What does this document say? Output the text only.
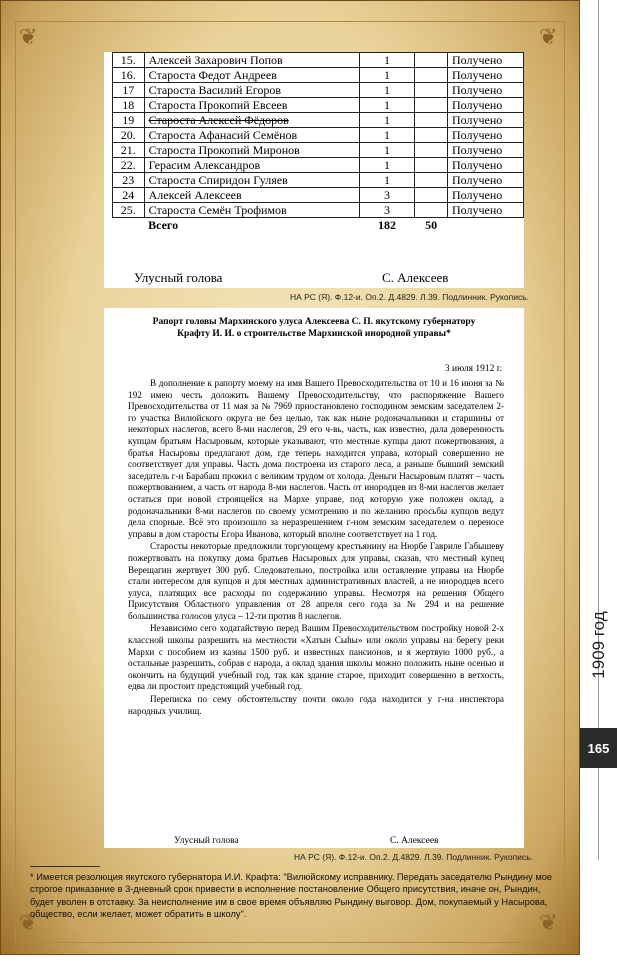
❦	❦
❦	❦
1909 год
165
15.	Алексей Захарович Попов	1		Получено
16.	Староста Федот Андреев	1		Получено
17	Староста Василий Егоров	1		Получено
18	Староста Прокопий Евсеев	1		Получено
19	Староста Алексей Фёдоров	1		Получено
20.	Староста Афанасий Семёнов	1		Получено
21.	Староста Прокопий Миронов	1		Получено
22.	Герасим Александров	1		Получено
23	Староста Спиридон Гуляев	1		Получено
24	Алексей Алексеев	3		Получено
25.	Староста Семён Трофимов	3		Получено
	Всего	182	50	
Улусный голова	С. Алексеев
НА РС (Я). Ф.12-и. Оп.2. Д.4829. Л.39. Подлинник. Рукопись.
Рапорт головы Мархинского улуса Алексеева С. П. якутскому губернатору Крафту И. И. о строительстве Мархинской инородной управы*
3 июля 1912 г.

В дополнение к рапорту моему на имя Вашего Превосходительства от 10 и 16 июня за № 192 имею честь доложить Вашему Превосходительству, что распоряжение Вашего Превосходительства от 11 мая за № 7969 приостановлено господином земским заседателем 2-го участка Вилюйского округа не без целью, так как ныне родоначальники и старшины от некоторых наслегов, всего 8-ми наслегов, 29 его ч-вь, часть, как известно, дала доверенность купцам братьям Насыровым, которые указывают, что местные купцы дают пожертвования, а братья Насыровы предлагают дом, где теперь находится управа, который совершенно не соответствует для управы. Часть дома построена из старого леса, а раньше бывший земский заседатель г-н Барабаш прожил с великим трудом от холода. Деньги Насыровым платят – часть пожертвованием, а часть от народа 8-ми наслегов. Часть от инородцев из 8-ми наслегов желает остаться при новой строящейся на Мархе управе, под которую уже положен оклад, а родоначальники 8-ми наслегов по своему усмотрению и по желанию просьбы купцов ведут дела спорные. Всё это произошло за неразрешением г-ном земским заседателем о переносе управы в дом старосты Егора Иванова, который вполне соответствует на 1 год.

Старосты некоторые предложили торгующему крестьянину на Нюрбе Гавриле Габышеву пожертвовать на покупку дома братьев Насыровых для управы, сказав, что местный купец Верещагин жертвует 300 руб. Следовательно, постройка или оставление управы на Нюрбе стали интересом для купцов и для местных административных властей, а не инородцев всего улуса, платящих все расходы по содержанию управы. Несмотря на решения Общего Присутствия Областного управления от 28 апреля сего года за № 294 и на решение большинства голосов улуса – 12-ти против 8 наслегов.

Независимо сего ходатайствую перед Вашим Превосходительством постройку новой 2-х классной школы разрешить на местности «Хатын Сыһы» или около управы на берегу реки Мархи с пособием из казны 1500 руб. и известных пансионов, и я жертвую 1000 руб., а остальные разрешить, собрав с народа, а оклад здания школы можно положить ныне осенью и окончить на будущий учебный год, так как здание старое, приходит совершенно в ветхость, едва ли простоит предстоящий учебный год.

Переписка по сему обстоятельству почти около года находится у г-на инспектора народных училищ.

Улусный голова	С. Алексеев
НА РС (Я). Ф.12-и. Оп.2. Д.4829. Л.39. Подлинник. Рукопись.
* Имеется резолюция якутского губернатора И.И. Крафта: "Вилюйскому исправнику. Передать заседателю Рындину мое строгое приказание в 3-дневный срок привести в исполнение постановление Общего присутствия, иначе он, Рындин, будет уволен в отставку. За неисполнение им в свое время объявляю Рындину выговор. Дом, покупаемый у Насырова, общество, если желает, может обратить в школу".
